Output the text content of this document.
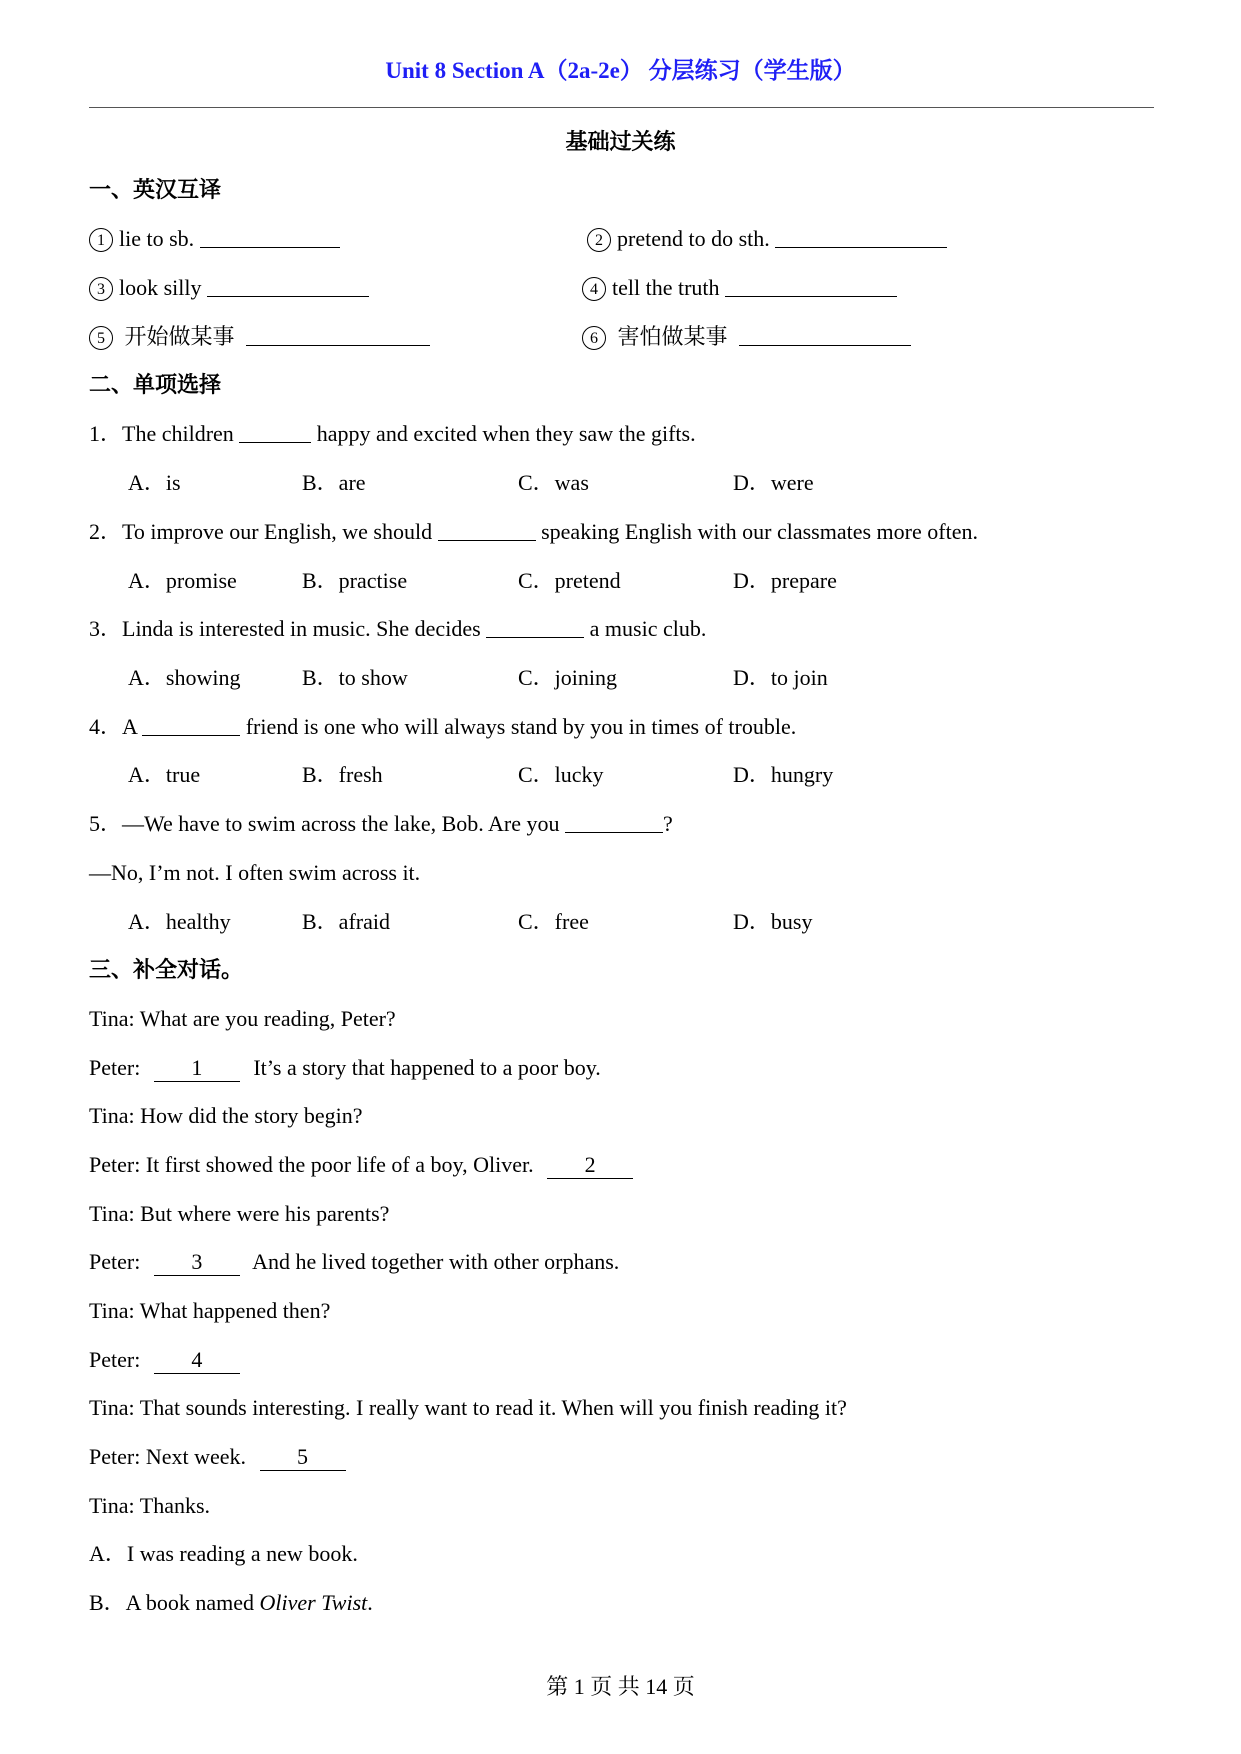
Unit 8 Section A（2a-2e） 分层练习（学生版）
基础过关练
一、英汉互译
1 lie to sb.	2 pretend to do sth.
3 look silly	4 tell the truth
5 开始做某事	6 害怕做某事
二、单项选择
1．The children	happy and excited when they saw the gifts.
A．is	B．are	C．was	D．were
2．To improve our English, we should	speaking English with our classmates more often.
A．promise	B．practise	C．pretend	D．prepare
3．Linda is interested in music. She decides	a music club.
A．showing	B．to show	C．joining	D．to join
4．A	friend is one who will always stand by you in times of trouble.
A．true	B．fresh	C．lucky	D．hungry
5．—We have to swim across the lake, Bob. Are you	?
—No, I’m not. I often swim across it.
A．healthy	B．afraid	C．free	D．busy
三、补全对话。
Tina: What are you reading, Peter?
Peter: 1 It’s a story that happened to a poor boy.
Tina: How did the story begin?
Peter: It first showed the poor life of a boy, Oliver. 2
Tina: But where were his parents?
Peter: 3 And he lived together with other orphans.
Tina: What happened then?
Peter: 4
Tina: That sounds interesting. I really want to read it. When will you finish reading it?
Peter: Next week. 5
Tina: Thanks.
A．I was reading a new book.
B．A book named Oliver Twist.
第 1 页 共 14 页
